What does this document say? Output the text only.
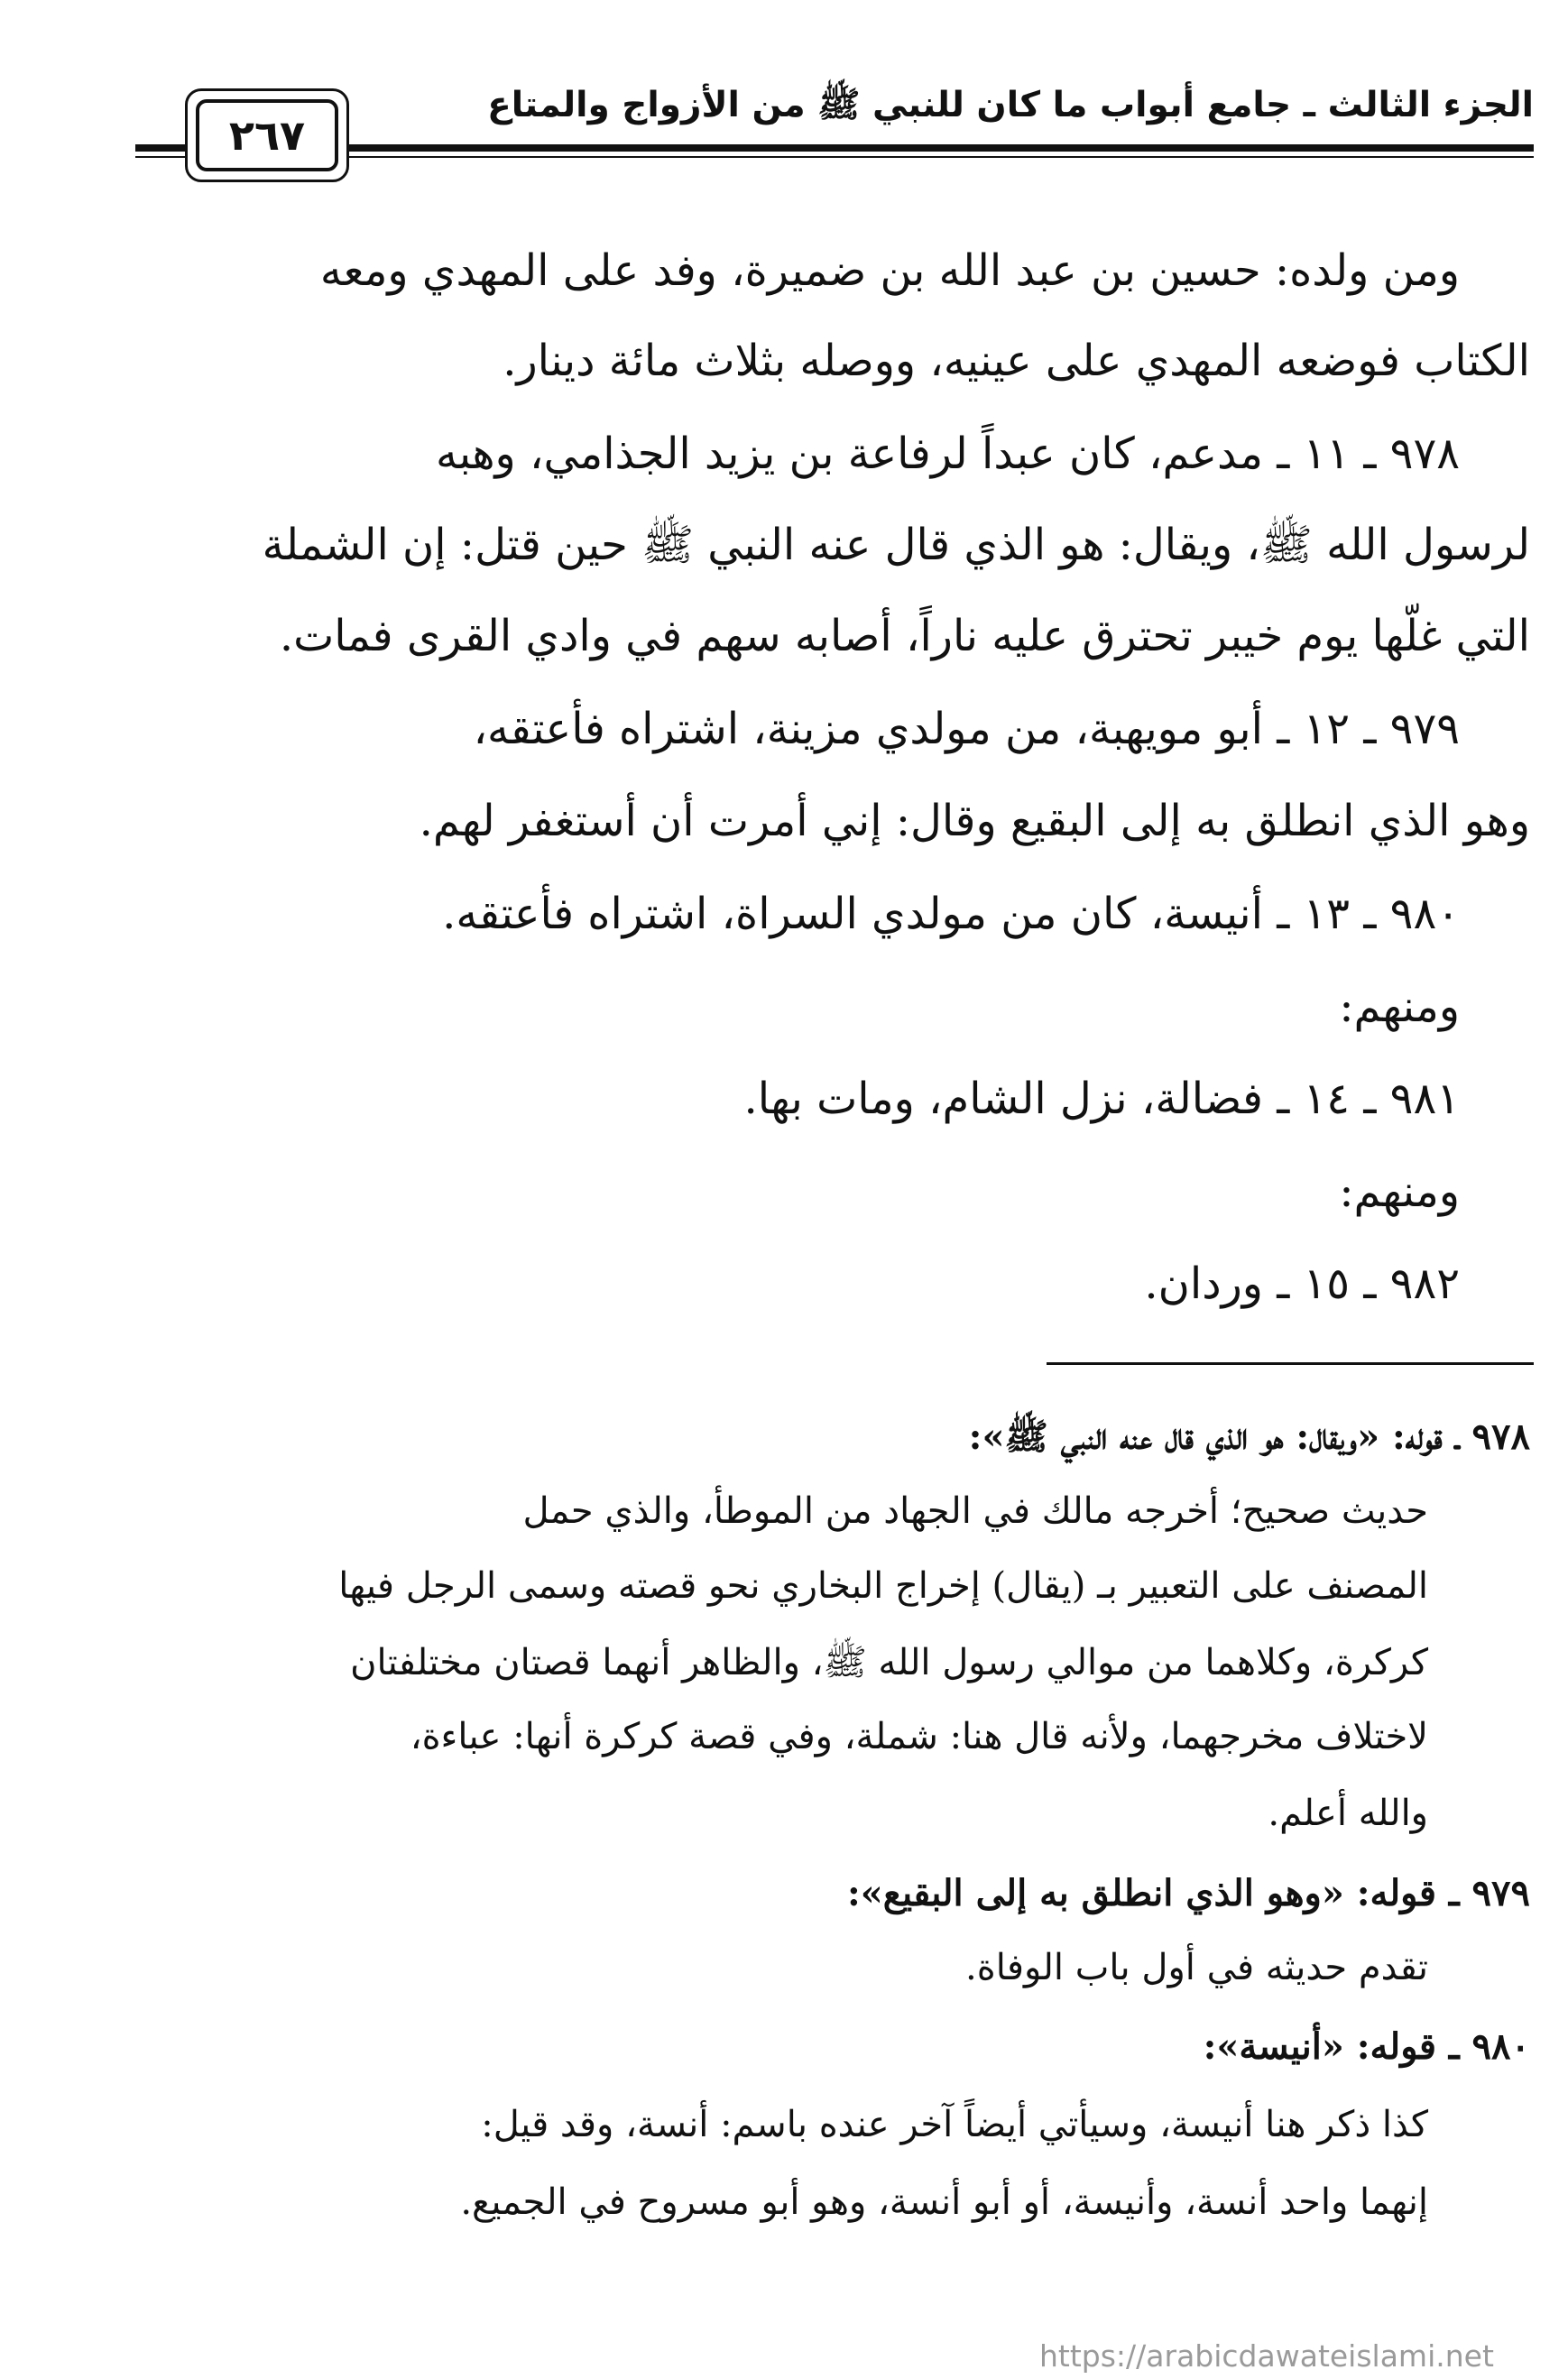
الجزء الثالث ـ جامع أبواب ما كان للنبي ﷺ من الأزواج والمتاع
٢٦٧
ومن ولده: حسين بن عبد الله بن ضميرة، وفد على المهدي ومعه
الكتاب فوضعه المهدي على عينيه، ووصله بثلاث مائة دينار.
٩٧٨ ـ ١١ ـ مدعم، كان عبداً لرفاعة بن يزيد الجذامي، وهبه
لرسول الله ﷺ، ويقال: هو الذي قال عنه النبي ﷺ حين قتل: إن الشملة
التي غلّها يوم خيبر تحترق عليه ناراً، أصابه سهم في وادي القرى فمات.
٩٧٩ ـ ١٢ ـ أبو مويهبة، من مولدي مزينة، اشتراه فأعتقه،
وهو الذي انطلق به إلى البقيع وقال: إني أمرت أن أستغفر لهم.
٩٨٠ ـ ١٣ ـ أنيسة، كان من مولدي السراة، اشتراه فأعتقه.
ومنهم:
٩٨١ ـ ١٤ ـ فضالة، نزل الشام، ومات بها.
ومنهم:
٩٨٢ ـ ١٥ ـ وردان.
٩٧٨ ـ قوله: «ويقال: هو الذي قال عنه النبي ﷺ»:
حديث صحيح؛ أخرجه مالك في الجهاد من الموطأ، والذي حمل
المصنف على التعبير بـ (يقال) إخراج البخاري نحو قصته وسمى الرجل فيها
كركرة، وكلاهما من موالي رسول الله ﷺ، والظاهر أنهما قصتان مختلفتان
لاختلاف مخرجهما، ولأنه قال هنا: شملة، وفي قصة كركرة أنها: عباءة،
والله أعلم.
٩٧٩ ـ قوله: «وهو الذي انطلق به إلى البقيع»:
تقدم حديثه في أول باب الوفاة.
٩٨٠ ـ قوله: «أنيسة»:
كذا ذكر هنا أنيسة، وسيأتي أيضاً آخر عنده باسم: أنسة، وقد قيل:
إنهما واحد أنسة، وأنيسة، أو أبو أنسة، وهو أبو مسروح في الجميع.
https://arabicdawateislami.net
